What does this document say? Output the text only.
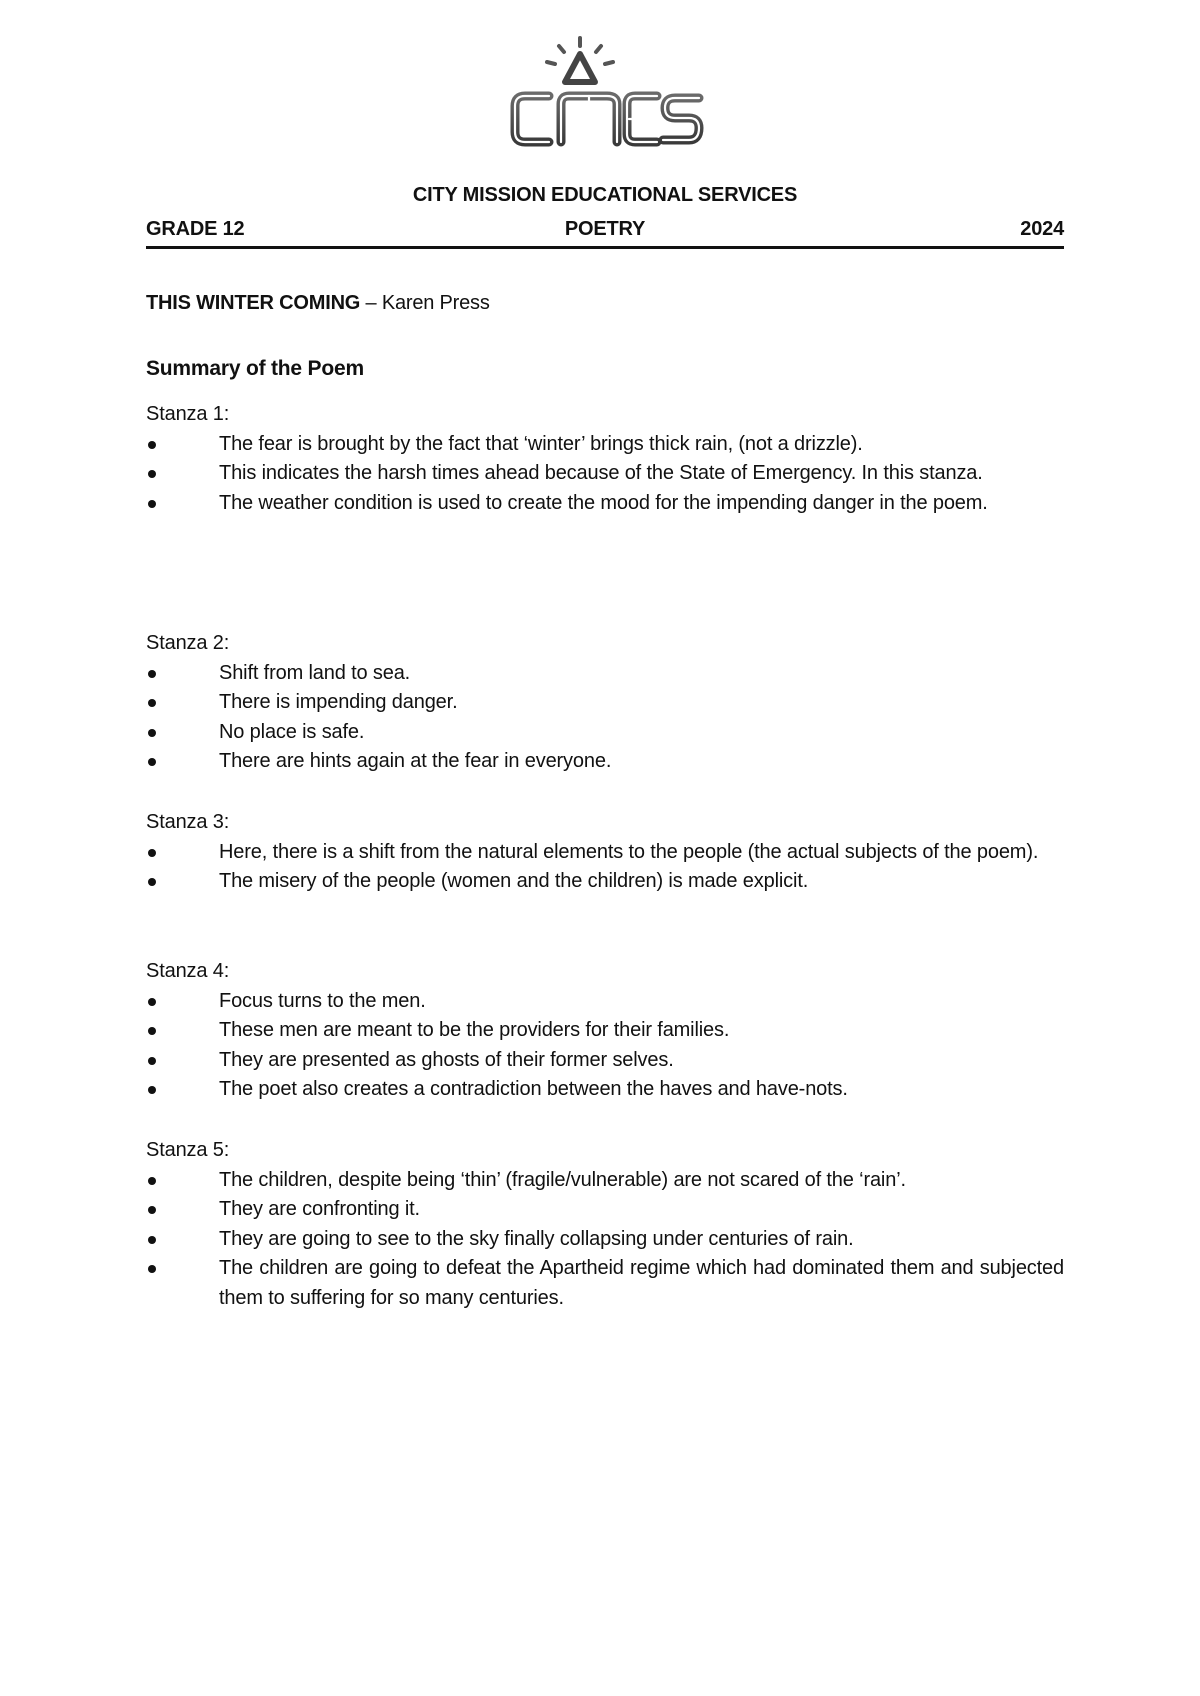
CITY MISSION EDUCATIONAL SERVICES
GRADE 12	POETRY	2024
THIS WINTER COMING – Karen Press
Summary of the Poem
Stanza 1:
The fear is brought by the fact that ‘winter’ brings thick rain, (not a drizzle).
This indicates the harsh times ahead because of the State of Emergency. In this stanza.
The weather condition is used to create the mood for the impending danger in the poem.
Stanza 2:
Shift from land to sea.
There is impending danger.
No place is safe.
There are hints again at the fear in everyone.
Stanza 3:
Here, there is a shift from the natural elements to the people (the actual subjects of the poem).
The misery of the people (women and the children) is made explicit.
Stanza 4:
Focus turns to the men.
These men are meant to be the providers for their families.
They are presented as ghosts of their former selves.
The poet also creates a contradiction between the haves and have-nots.
Stanza 5:
The children, despite being ‘thin’ (fragile/vulnerable) are not scared of the ‘rain’.
They are confronting it.
They are going to see to the sky finally collapsing under centuries of rain.
The children are going to defeat the Apartheid regime which had dominated them and subjected them to suffering for so many centuries.
